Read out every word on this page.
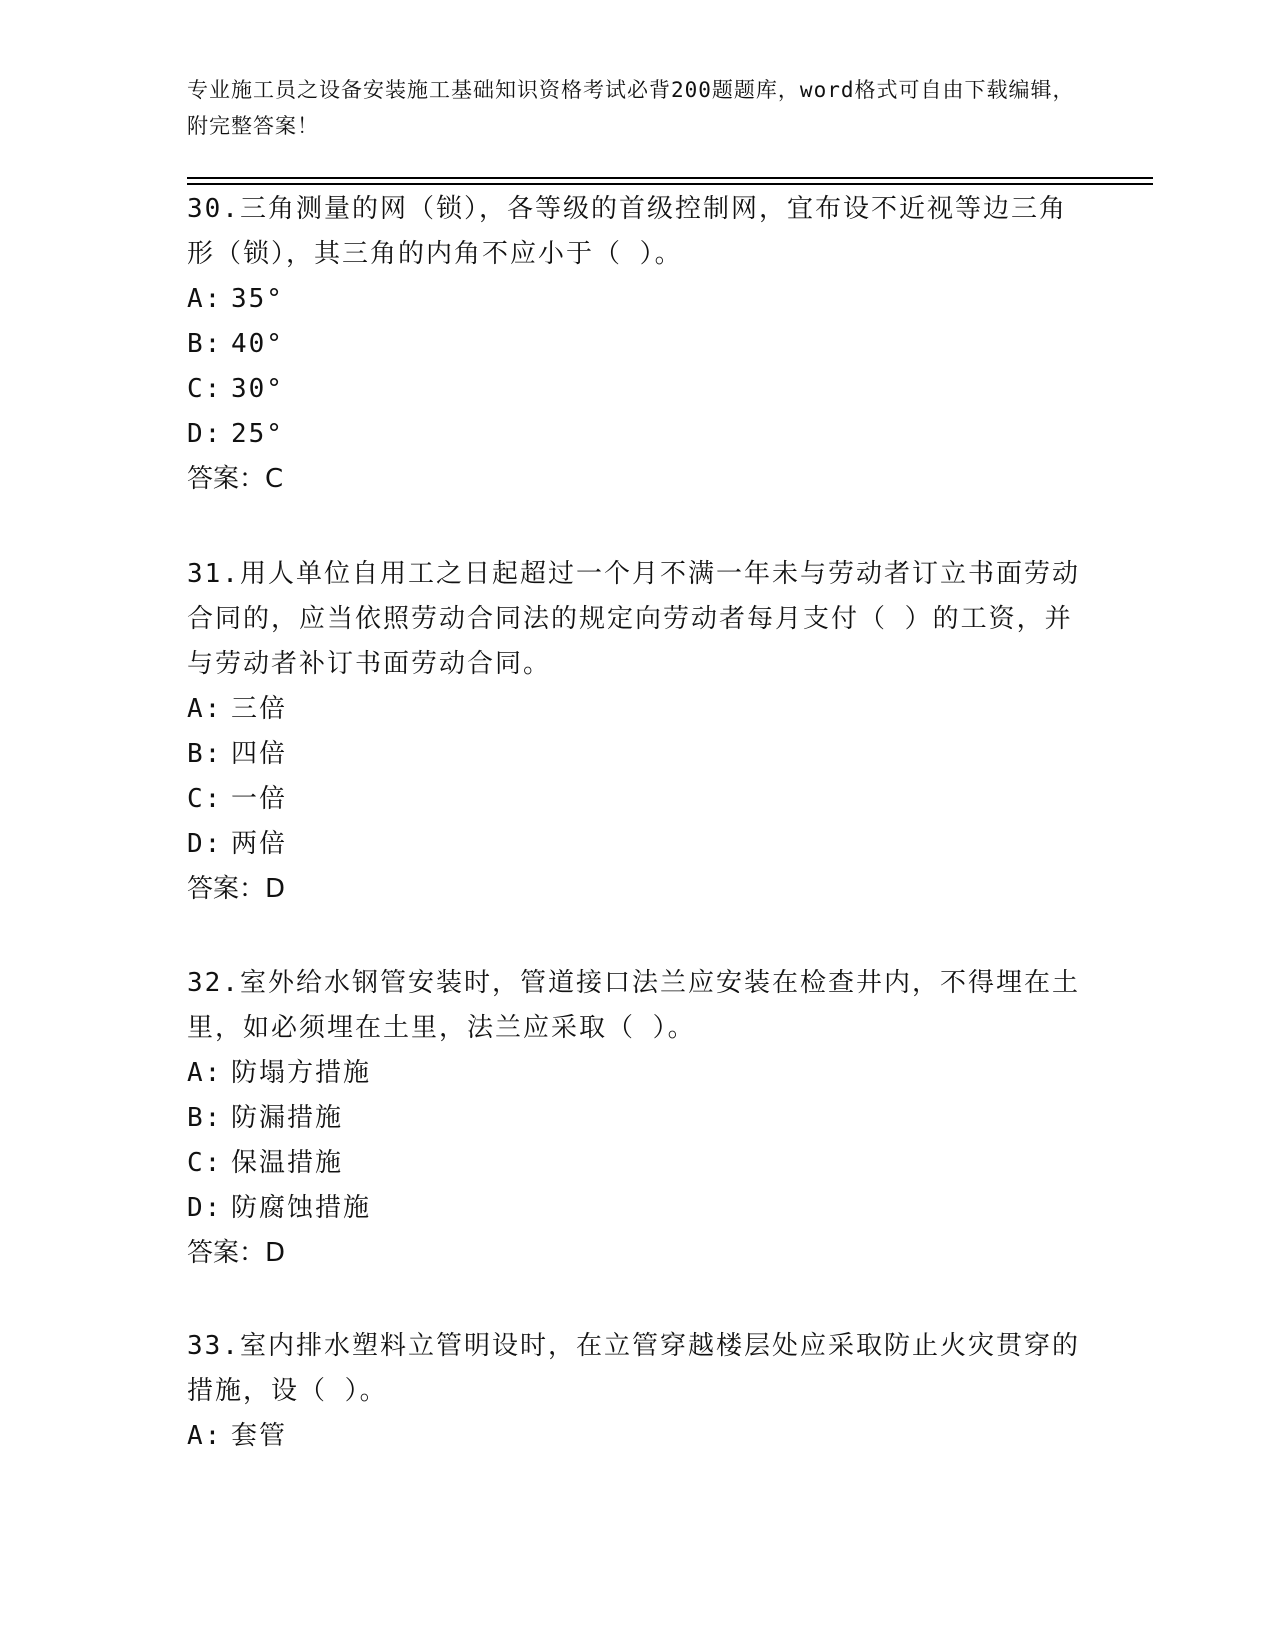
专业施工员之设备安装施工基础知识资格考试必背200题题库，word格式可自由下载编辑，附完整答案！

30.三角测量的网（锁），各等级的首级控制网，宜布设不近视等边三角形（锁），其三角的内角不应小于（ ）。

A: 35°

B: 40°

C: 30°

D: 25°

答案：C

31.用人单位自用工之日起超过一个月不满一年未与劳动者订立书面劳动合同的，应当依照劳动合同法的规定向劳动者每月支付（ ）的工资，并与劳动者补订书面劳动合同。

A: 三倍

B: 四倍

C: 一倍

D: 两倍

答案：D

32.室外给水钢管安装时，管道接口法兰应安装在检查井内，不得埋在土里，如必须埋在土里，法兰应采取（ ）。

A: 防塌方措施

B: 防漏措施

C: 保温措施

D: 防腐蚀措施

答案：D

33.室内排水塑料立管明设时，在立管穿越楼层处应采取防止火灾贯穿的措施，设（ ）。

A: 套管
